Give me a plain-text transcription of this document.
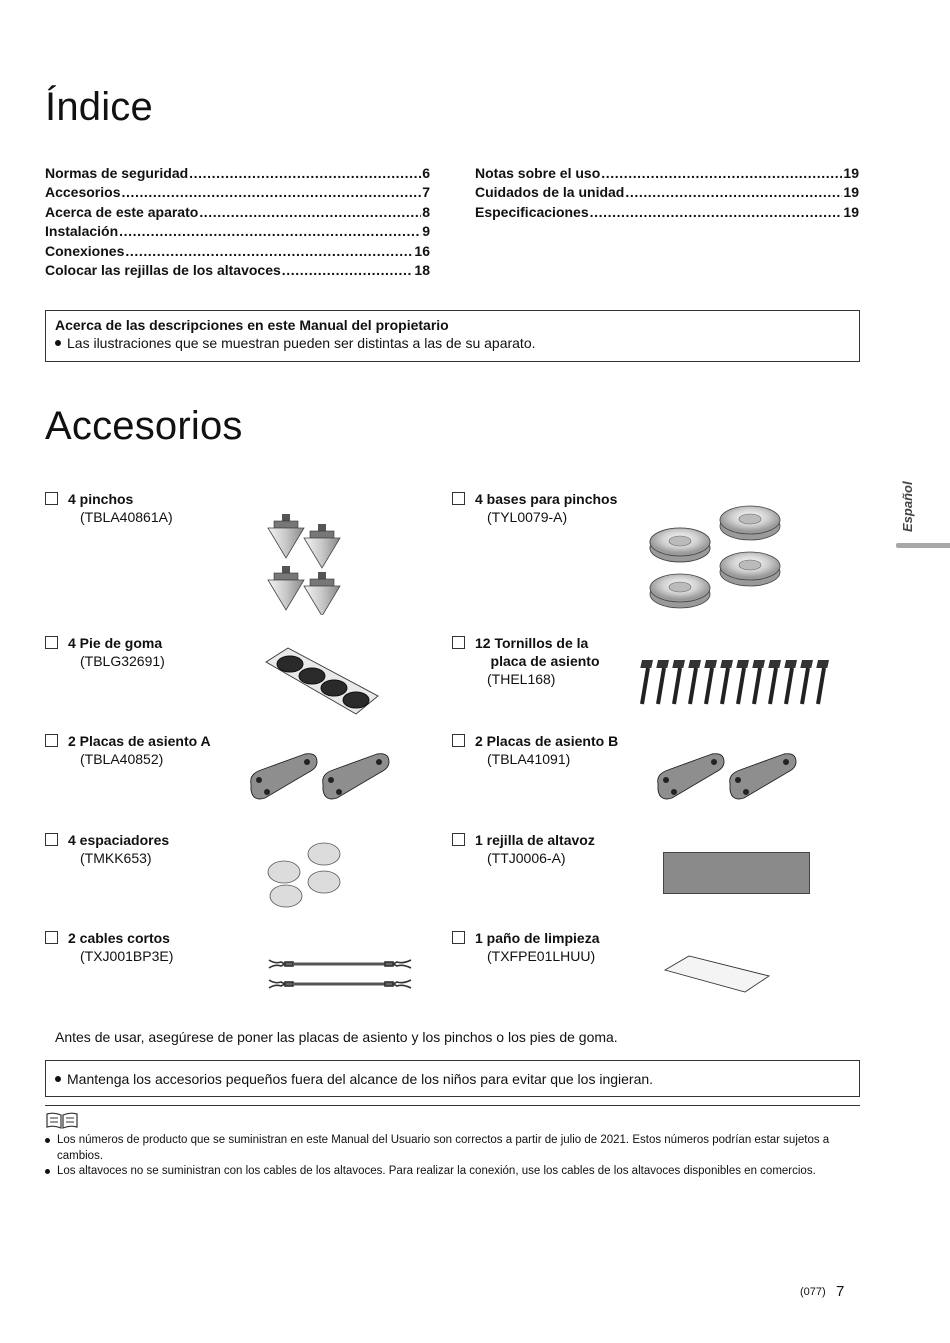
Índice
Normas de seguridad .....	6
Accesorios .....	7
Acerca de este aparato .....	8
Instalación .....	9
Conexiones .....	16
Colocar las rejillas de los altavoces .....	18
Notas sobre el uso .....	19
Cuidados de la unidad .....	19
Especificaciones .....	19
Acerca de las descripciones en este Manual del propietario
Las ilustraciones que se muestran pueden ser distintas a las de su aparato.
Accesorios
Español
4 pinchos
(TBLA40861A)
4 bases para pinchos
(TYL0079-A)
4 Pie de goma
(TBLG32691)
12 Tornillos de la
placa de asiento
(THEL168)
2 Placas de asiento A
(TBLA40852)
2 Placas de asiento B
(TBLA41091)
4 espaciadores
(TMKK653)
1 rejilla de altavoz
(TTJ0006-A)
2 cables cortos
(TXJ001BP3E)
1 paño de limpieza
(TXFPE01LHUU)
Antes de usar, asegúrese de poner las placas de asiento y los pinchos o los pies de goma.
Mantenga los accesorios pequeños fuera del alcance de los niños para evitar que los ingieran.
Los números de producto que se suministran en este Manual del Usuario son correctos a partir de julio de 2021. Estos números podrían estar sujetos a cambios.
Los altavoces no se suministran con los cables de los altavoces. Para realizar la conexión, use los cables de los altavoces disponibles en comercios.
(077) 7
